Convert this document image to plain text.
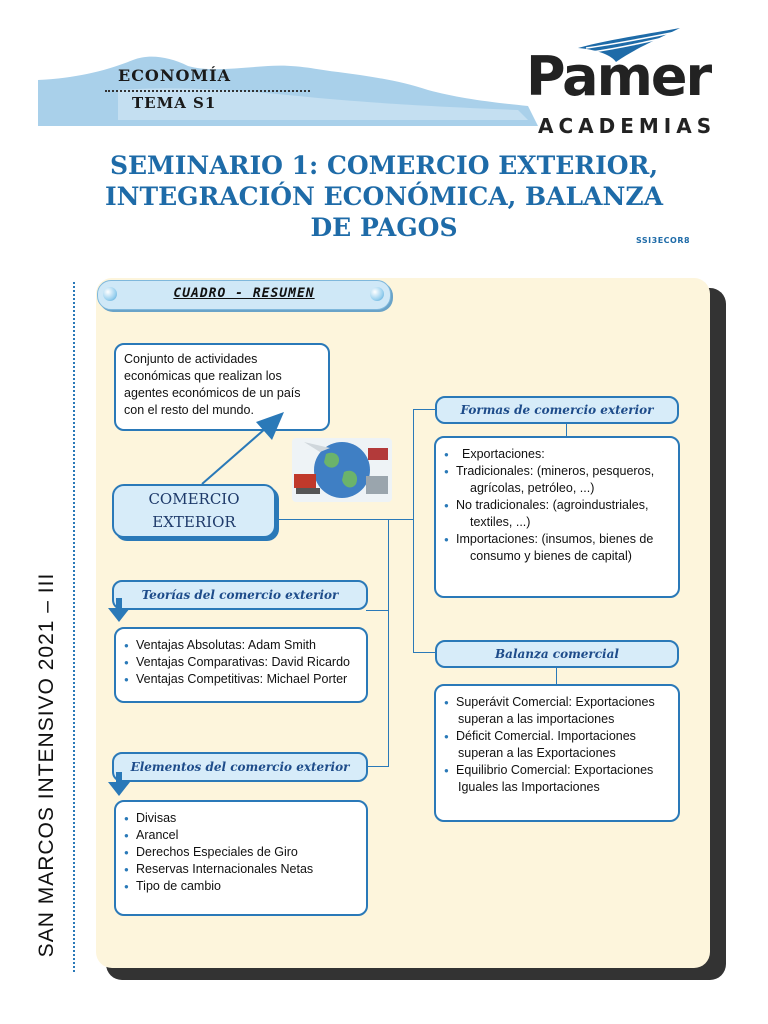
ECONOMÍA
TEMA S1	Pamer
ACADEMIAS
SEMINARIO 1: COMERCIO EXTERIOR,
INTEGRACIÓN ECONÓMICA, BALANZA
DE PAGOS	SSI3ECOR8
SAN MARCOS INTENSIVO 2021 – III
CUADRO - RESUMEN
Conjunto de actividades económicas que realizan los agentes económicos de un país con el resto del mundo.
COMERCIO
EXTERIOR
Formas de comercio exterior
● Exportaciones:
● Tradicionales: (mineros, pesqueros,
agrícolas, petróleo, ...)
● No tradicionales: (agroindustriales,
textiles, ...)
● Importaciones: (insumos, bienes de
consumo y bienes de capital)
Teorías del comercio exterior
● Ventajas Absolutas: Adam Smith
● Ventajas Comparativas: David Ricardo
● Ventajas Competitivas: Michael Porter
Balanza comercial
● Superávit Comercial: Exportaciones
superan a las importaciones
● Déficit Comercial. Importaciones
superan a las Exportaciones
● Equilibrio Comercial: Exportaciones
Iguales las Importaciones
Elementos del comercio exterior
● Divisas
● Arancel
● Derechos Especiales de Giro
● Reservas Internacionales Netas
● Tipo de cambio
